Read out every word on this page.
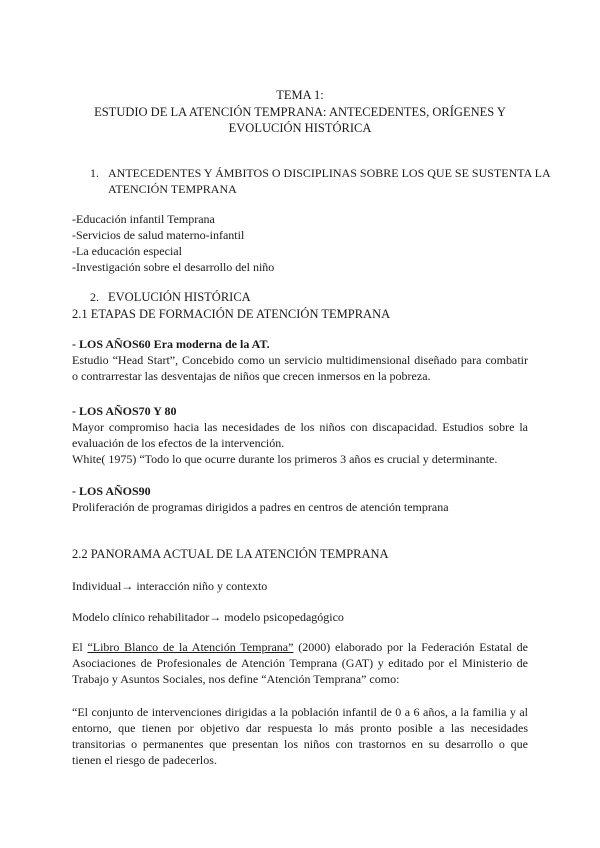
TEMA 1:
ESTUDIO DE LA ATENCIÓN TEMPRANA: ANTECEDENTES, ORÍGENES Y
EVOLUCIÓN HISTÓRICA
1. ANTECEDENTES Y ÁMBITOS O DISCIPLINAS SOBRE LOS QUE SE SUSTENTA LA
ATENCIÓN TEMPRANA
-Educación infantil Temprana
-Servicios de salud materno-infantil
-La educación especial
-Investigación sobre el desarrollo del niño
2. EVOLUCIÓN HISTÓRICA
2.1 ETAPAS DE FORMACIÓN DE ATENCIÓN TEMPRANA
- LOS AÑOS60 Era moderna de la AT.
Estudio “Head Start”, Concebido como un servicio multidimensional diseñado para combatir
o contrarrestar las desventajas de niños que crecen inmersos en la pobreza.
- LOS AÑOS70 Y 80
Mayor compromiso hacia las necesidades de los niños con discapacidad. Estudios sobre la
evaluación de los efectos de la intervención.
White( 1975) “Todo lo que ocurre durante los primeros 3 años es crucial y determinante.
- LOS AÑOS90
Proliferación de programas dirigidos a padres en centros de atención temprana
2.2 PANORAMA ACTUAL DE LA ATENCIÓN TEMPRANA
Individual→ interacción niño y contexto
Modelo clínico rehabilitador→ modelo psicopedagógico
El “Libro Blanco de la Atención Temprana” (2000) elaborado por la Federación Estatal de
Asociaciones de Profesionales de Atención Temprana (GAT) y editado por el Ministerio de
Trabajo y Asuntos Sociales, nos define “Atención Temprana” como:
“El conjunto de intervenciones dirigidas a la población infantil de 0 a 6 años, a la familia y al
entorno, que tienen por objetivo dar respuesta lo más pronto posible a las necesidades
transitorias o permanentes que presentan los niños con trastornos en su desarrollo o que
tienen el riesgo de padecerlos.
